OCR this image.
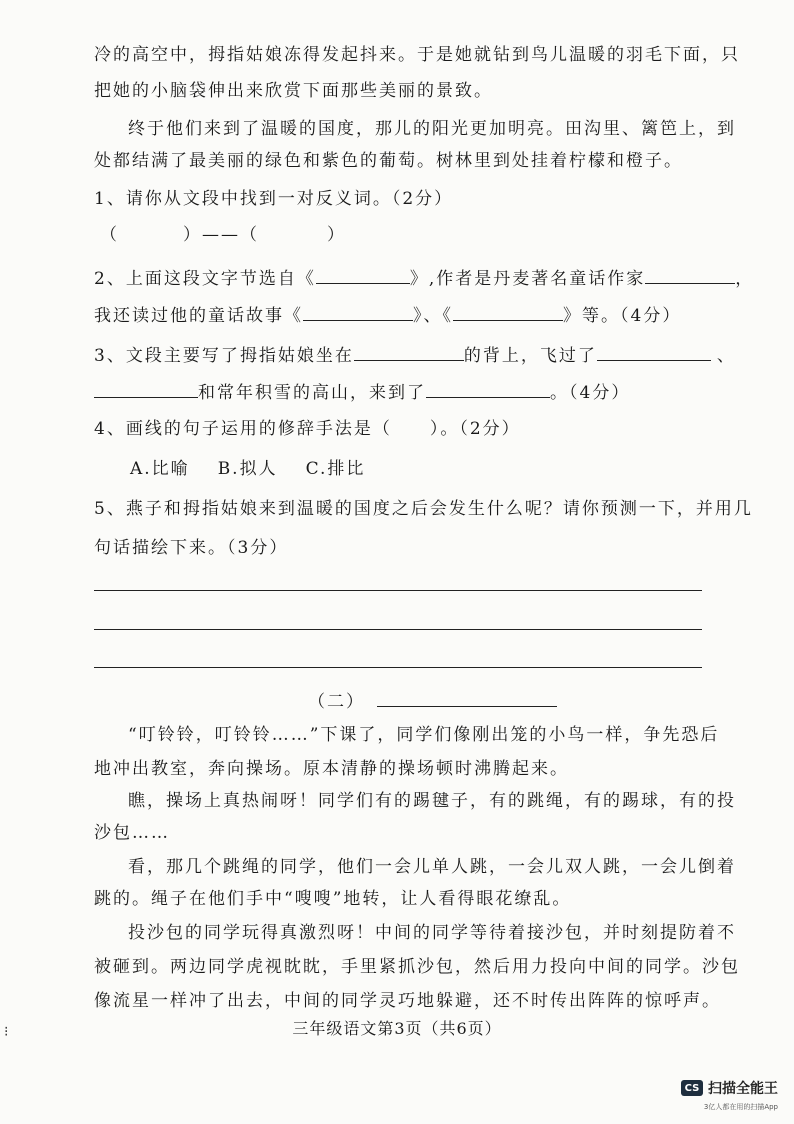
冷的高空中，拇指姑娘冻得发起抖来。于是她就钻到鸟儿温暖的羽毛下面，只
把她的小脑袋伸出来欣赏下面那些美丽的景致。
终于他们来到了温暖的国度，那儿的阳光更加明亮。田沟里、篱笆上，到
处都结满了最美丽的绿色和紫色的葡萄。树林里到处挂着柠檬和橙子。
1、请你从文段中找到一对反义词。（2分）
（	）——（	）
2、上面这段文字节选自《	》,作者是丹麦著名童话作家	，
我还读过他的童话故事《	》、《	》等。（4分）
3、文段主要写了拇指姑娘坐在	的背上，飞过了	、
和常年积雪的高山，来到了	。（4分）
4、画线的句子运用的修辞手法是（　　）。（2分）
A.比喻 B.拟人 C.排比
5、燕子和拇指姑娘来到温暖的国度之后会发生什么呢？请你预测一下，并用几
句话描绘下来。（3分）
（二）
“叮铃铃，叮铃铃……”下课了，同学们像刚出笼的小鸟一样，争先恐后
地冲出教室，奔向操场。原本清静的操场顿时沸腾起来。
瞧，操场上真热闹呀！同学们有的踢毽子，有的跳绳，有的踢球，有的投
沙包……
看，那几个跳绳的同学，他们一会儿单人跳，一会儿双人跳，一会儿倒着
跳的。绳子在他们手中“嗖嗖”地转，让人看得眼花缭乱。
投沙包的同学玩得真激烈呀！中间的同学等待着接沙包，并时刻提防着不
被砸到。两边同学虎视眈眈，手里紧抓沙包，然后用力投向中间的同学。沙包
像流星一样冲了出去，中间的同学灵巧地躲避，还不时传出阵阵的惊呼声。
三年级语文第3页（共6页）
⁝
CS 扫描全能王
3亿人都在用的扫描App
